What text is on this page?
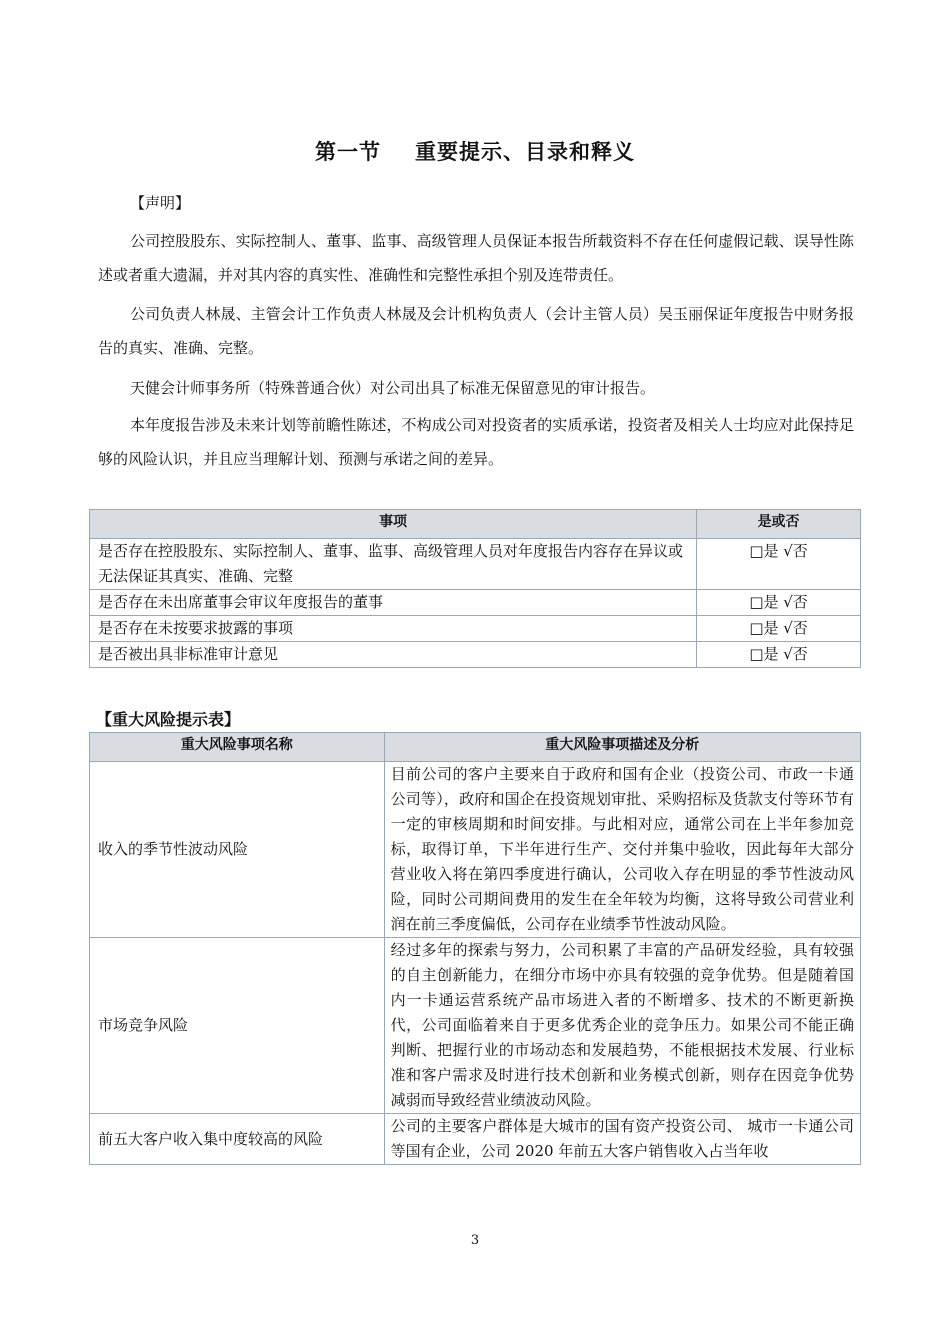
第一节 重要提示、目录和释义
【声明】
公司控股股东、实际控制人、董事、监事、高级管理人员保证本报告所载资料不存在任何虚假记载、误导性陈述或者重大遗漏，并对其内容的真实性、准确性和完整性承担个别及连带责任。
公司负责人林晟、主管会计工作负责人林晟及会计机构负责人（会计主管人员）吴玉丽保证年度报告中财务报告的真实、准确、完整。
天健会计师事务所（特殊普通合伙）对公司出具了标准无保留意见的审计报告。
本年度报告涉及未来计划等前瞻性陈述，不构成公司对投资者的实质承诺，投资者及相关人士均应对此保持足够的风险认识，并且应当理解计划、预测与承诺之间的差异。
事项	是或否
是否存在控股股东、实际控制人、董事、监事、高级管理人员对年度报告内容存在异议或无法保证其真实、准确、完整	□是 √否
是否存在未出席董事会审议年度报告的董事	□是 √否
是否存在未按要求披露的事项	□是 √否
是否被出具非标准审计意见	□是 √否
【重大风险提示表】
重大风险事项名称	重大风险事项描述及分析
收入的季节性波动风险	目前公司的客户主要来自于政府和国有企业（投资公司、市政一卡通公司等），政府和国企在投资规划审批、采购招标及货款支付等环节有一定的审核周期和时间安排。与此相对应，通常公司在上半年参加竞标，取得订单，下半年进行生产、交付并集中验收，因此每年大部分营业收入将在第四季度进行确认，公司收入存在明显的季节性波动风险，同时公司期间费用的发生在全年较为均衡，这将导致公司营业利润在前三季度偏低，公司存在业绩季节性波动风险。
市场竞争风险	经过多年的探索与努力，公司积累了丰富的产品研发经验，具有较强的自主创新能力，在细分市场中亦具有较强的竞争优势。但是随着国内一卡通运营系统产品市场进入者的不断增多、技术的不断更新换代，公司面临着来自于更多优秀企业的竞争压力。如果公司不能正确判断、把握行业的市场动态和发展趋势，不能根据技术发展、行业标准和客户需求及时进行技术创新和业务模式创新，则存在因竞争优势减弱而导致经营业绩波动风险。
前五大客户收入集中度较高的风险	公司的主要客户群体是大城市的国有资产投资公司、 城市一卡通公司等国有企业，公司 2020 年前五大客户销售收入占当年收
3
